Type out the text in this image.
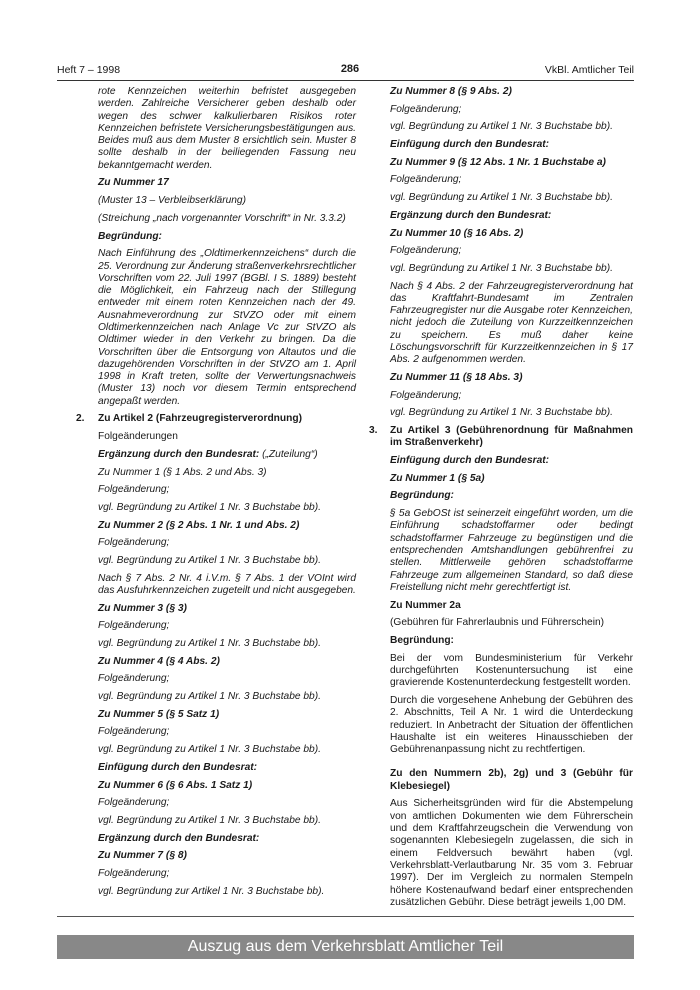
Heft 7 – 1998	286	VkBl. Amtlicher Teil

rote Kennzeichen weiterhin befristet ausgegeben werden. Zahlreiche Versicherer geben deshalb oder wegen des schwer kalkulierbaren Risikos roter Kennzeichen befristete Versicherungsbestätigungen aus. Beides muß aus dem Muster 8 ersichtlich sein. Muster 8 sollte deshalb in der beiliegenden Fassung neu bekanntgemacht werden.

Zu Nummer 17

(Muster 13 – Verbleibserklärung)

(Streichung „nach vorgenannter Vorschrift“ in Nr. 3.3.2)

Begründung:

Nach Einführung des „Oldtimerkennzeichens“ durch die 25. Verordnung zur Änderung straßenverkehrsrechtlicher Vorschriften vom 22. Juli 1997 (BGBl. I S. 1889) besteht die Möglichkeit, ein Fahrzeug nach der Stillegung entweder mit einem roten Kennzeichen nach der 49. Ausnahmeverordnung zur StVZO oder mit einem Oldtimerkennzeichen nach Anlage Vc zur StVZO als Oldtimer wieder in den Verkehr zu bringen. Da die Vorschriften über die Entsorgung von Altautos und die dazugehörenden Vorschriften in der StVZO am 1. April 1998 in Kraft treten, sollte der Verwertungsnachweis (Muster 13) noch vor diesem Termin entsprechend angepaßt werden.

2. Zu Artikel 2 (Fahrzeugregisterverordnung)

Folgeänderungen

Ergänzung durch den Bundesrat: („Zuteilung“)

Zu Nummer 1 (§ 1 Abs. 2 und Abs. 3)

Folgeänderung;

vgl. Begründung zu Artikel 1 Nr. 3 Buchstabe bb).

Zu Nummer 2 (§ 2 Abs. 1 Nr. 1 und Abs. 2)

Folgeänderung;

vgl. Begründung zu Artikel 1 Nr. 3 Buchstabe bb).

Nach § 7 Abs. 2 Nr. 4 i.V.m. § 7 Abs. 1 der VOInt wird das Ausfuhrkennzeichen zugeteilt und nicht ausgegeben.

Zu Nummer 3 (§ 3)

Folgeänderung;

vgl. Begründung zu Artikel 1 Nr. 3 Buchstabe bb).

Zu Nummer 4 (§ 4 Abs. 2)

Folgeänderung;

vgl. Begründung zu Artikel 1 Nr. 3 Buchstabe bb).

Zu Nummer 5 (§ 5 Satz 1)

Folgeänderung;

vgl. Begründung zu Artikel 1 Nr. 3 Buchstabe bb).

Einfügung durch den Bundesrat:

Zu Nummer 6 (§ 6 Abs. 1 Satz 1)

Folgeänderung;

vgl. Begründung zu Artikel 1 Nr. 3 Buchstabe bb).

Ergänzung durch den Bundesrat:

Zu Nummer 7 (§ 8)

Folgeänderung;

vgl. Begründung zur Artikel 1 Nr. 3 Buchstabe bb).

Zu Nummer 8 (§ 9 Abs. 2)

Folgeänderung;

vgl. Begründung zu Artikel 1 Nr. 3 Buchstabe bb).

Einfügung durch den Bundesrat:

Zu Nummer 9 (§ 12 Abs. 1 Nr. 1 Buchstabe a)

Folgeänderung;

vgl. Begründung zu Artikel 1 Nr. 3 Buchstabe bb).

Ergänzung durch den Bundesrat:

Zu Nummer 10 (§ 16 Abs. 2)

Folgeänderung;

vgl. Begründung zu Artikel 1 Nr. 3 Buchstabe bb).

Nach § 4 Abs. 2 der Fahrzeugregisterverordnung hat das Kraftfahrt-Bundesamt im Zentralen Fahrzeugregister nur die Ausgabe roter Kennzeichen, nicht jedoch die Zuteilung von Kurzzeitkennzeichen zu speichern. Es muß daher keine Löschungsvorschrift für Kurzzeitkennzeichen in § 17 Abs. 2 aufgenommen werden.

Zu Nummer 11 (§ 18 Abs. 3)

Folgeänderung;

vgl. Begründung zu Artikel 1 Nr. 3 Buchstabe bb).

3. Zu Artikel 3 (Gebührenordnung für Maßnahmen im Straßenverkehr)

Einfügung durch den Bundesrat:

Zu Nummer 1 (§ 5a)

Begründung:

§ 5a GebOSt ist seinerzeit eingeführt worden, um die Einführung schadstoffarmer oder bedingt schadstoffarmer Fahrzeuge zu begünstigen und die entsprechenden Amtshandlungen gebührenfrei zu stellen. Mittlerweile gehören schadstoffarme Fahrzeuge zum allgemeinen Standard, so daß diese Freistellung nicht mehr gerechtfertigt ist.

Zu Nummer 2a

(Gebühren für Fahrerlaubnis und Führerschein)

Begründung:

Bei der vom Bundesministerium für Verkehr durchgeführten Kostenuntersuchung ist eine gravierende Kostenunterdeckung festgestellt worden.

Durch die vorgesehene Anhebung der Gebühren des 2. Abschnitts, Teil A Nr. 1 wird die Unterdeckung reduziert. In Anbetracht der Situation der öffentlichen Haushalte ist ein weiteres Hinausschieben der Gebührenanpassung nicht zu rechtfertigen.

Zu den Nummern 2b), 2g) und 3 (Gebühr für Klebesiegel)

Aus Sicherheitsgründen wird für die Abstempelung von amtlichen Dokumenten wie dem Führerschein und dem Kraftfahrzeugschein die Verwendung von sogenannten Klebesiegeln zugelassen, die sich in einem Feldversuch bewährt haben (vgl. Verkehrsblatt-Verlautbarung Nr. 35 vom 3. Februar 1997). Der im Vergleich zu normalen Stempeln höhere Kostenaufwand bedarf einer entsprechenden zusätzlichen Gebühr. Diese beträgt jeweils 1,00 DM.

Auszug aus dem Verkehrsblatt Amtlicher Teil
